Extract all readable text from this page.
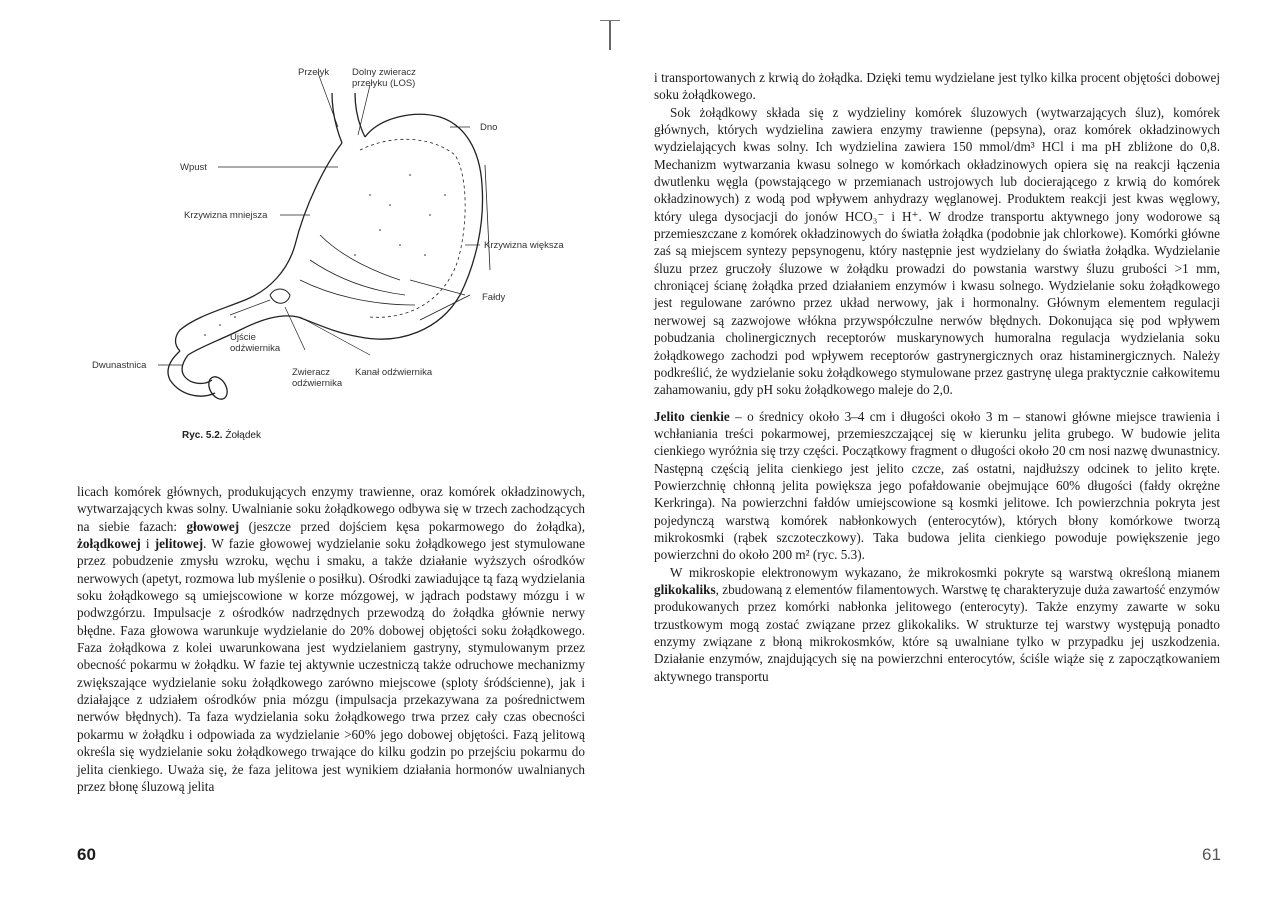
Przełyk Dolny zwieracz
przełyku (LOS)
Dno
Wpust
Krzywizna mniejsza
Krzywizna większa
Fałdy
Ujście
odźwiernika
Dwunastnica
Zwieracz
odźwiernika
Kanał odźwiernika
Ryc. 5.2. Żołądek

licach komórek głównych, produkujących enzymy trawienne, oraz komórek okładzinowych, wytwarzających kwas solny. Uwalnianie soku żołądkowego odbywa się w trzech zachodzących na siebie fazach: głowowej (jeszcze przed dojściem kęsa pokarmowego do żołądka), żołądkowej i jelitowej. W fazie głowowej wydzielanie soku żołądkowego jest stymulowane przez pobudzenie zmysłu wzroku, węchu i smaku, a także działanie wyższych ośrodków nerwowych (apetyt, rozmowa lub myślenie o posiłku). Ośrodki zawiadujące tą fazą wydzielania soku żołądkowego są umiejscowione w korze mózgowej, w jądrach podstawy mózgu i w podwzgórzu. Impulsacje z ośrodków nadrzędnych przewodzą do żołądka głównie nerwy błędne. Faza głowowa warunkuje wydzielanie do 20% dobowej objętości soku żołądkowego. Faza żołądkowa z kolei uwarunkowana jest wydzielaniem gastryny, stymulowanym przez obecność pokarmu w żołądku. W fazie tej aktywnie uczestniczą także odruchowe mechanizmy zwiększające wydzielanie soku żołądkowego zarówno miejscowe (sploty śródścienne), jak i działające z udziałem ośrodków pnia mózgu (impulsacja przekazywana za pośrednictwem nerwów błędnych). Ta faza wydzielania soku żołądkowego trwa przez cały czas obecności pokarmu w żołądku i odpowiada za wydzielanie >60% jego dobowej objętości. Fazą jelitową określa się wydzielanie soku żołądkowego trwające do kilku godzin po przejściu pokarmu do jelita cienkiego. Uważa się, że faza jelitowa jest wynikiem działania hormonów uwalnianych przez błonę śluzową jelita

60

i transportowanych z krwią do żołądka. Dzięki temu wydzielane jest tylko kilka procent objętości dobowej soku żołądkowego.

Sok żołądkowy składa się z wydzieliny komórek śluzowych (wytwarzających śluz), komórek głównych, których wydzielina zawiera enzymy trawienne (pepsyna), oraz komórek okładzinowych wydzielających kwas solny. Ich wydzielina zawiera 150 mmol/dm³ HCl i ma pH zbliżone do 0,8. Mechanizm wytwarzania kwasu solnego w komórkach okładzinowych opiera się na reakcji łączenia dwutlenku węgla (powstającego w przemianach ustrojowych lub docierającego z krwią do komórek okładzinowych) z wodą pod wpływem anhydrazy węglanowej. Produktem reakcji jest kwas węglowy, który ulega dysocjacji do jonów HCO₃⁻ i H⁺. W drodze transportu aktywnego jony wodorowe są przemieszczane z komórek okładzinowych do światła żołądka (podobnie jak chlorkowe). Komórki główne zaś są miejscem syntezy pepsynogenu, który następnie jest wydzielany do światła żołądka. Wydzielanie śluzu przez gruczoły śluzowe w żołądku prowadzi do powstania warstwy śluzu grubości >1 mm, chroniącej ścianę żołądka przed działaniem enzymów i kwasu solnego. Wydzielanie soku żołądkowego jest regulowane zarówno przez układ nerwowy, jak i hormonalny. Głównym elementem regulacji nerwowej są zazwojowe włókna przywspółczulne nerwów błędnych. Dokonująca się pod wpływem pobudzania cholinergicznych receptorów muskarynowych humoralna regulacja wydzielania soku żołądkowego zachodzi pod wpływem receptorów gastrynergicznych oraz histaminergicznych. Należy podkreślić, że wydzielanie soku żołądkowego stymulowane przez gastrynę ulega praktycznie całkowitemu zahamowaniu, gdy pH soku żołądkowego maleje do 2,0.

Jelito cienkie – o średnicy około 3–4 cm i długości około 3 m – stanowi główne miejsce trawienia i wchłaniania treści pokarmowej, przemieszczającej się w kierunku jelita grubego. W budowie jelita cienkiego wyróżnia się trzy części. Początkowy fragment o długości około 20 cm nosi nazwę dwunastnicy. Następną częścią jelita cienkiego jest jelito czcze, zaś ostatni, najdłuższy odcinek to jelito kręte. Powierzchnię chłonną jelita powiększa jego pofałdowanie obejmujące 60% długości (fałdy okrężne Kerkringa). Na powierzchni fałdów umiejscowione są kosmki jelitowe. Ich powierzchnia pokryta jest pojedynczą warstwą komórek nabłonkowych (enterocytów), których błony komórkowe tworzą mikrokosmki (rąbek szczoteczkowy). Taka budowa jelita cienkiego powoduje powiększenie jego powierzchni do około 200 m² (ryc. 5.3).

W mikroskopie elektronowym wykazano, że mikrokosmki pokryte są warstwą określoną mianem glikokaliks, zbudowaną z elementów filamentowych. Warstwę tę charakteryzuje duża zawartość enzymów produkowanych przez komórki nabłonka jelitowego (enterocyty). Także enzymy zawarte w soku trzustkowym mogą zostać związane przez glikokaliks. W strukturze tej warstwy występują ponadto enzymy związane z błoną mikrokosmków, które są uwalniane tylko w przypadku jej uszkodzenia. Działanie enzymów, znajdujących się na powierzchni enterocytów, ściśle wiąże się z zapoczątkowaniem aktywnego transportu

61
